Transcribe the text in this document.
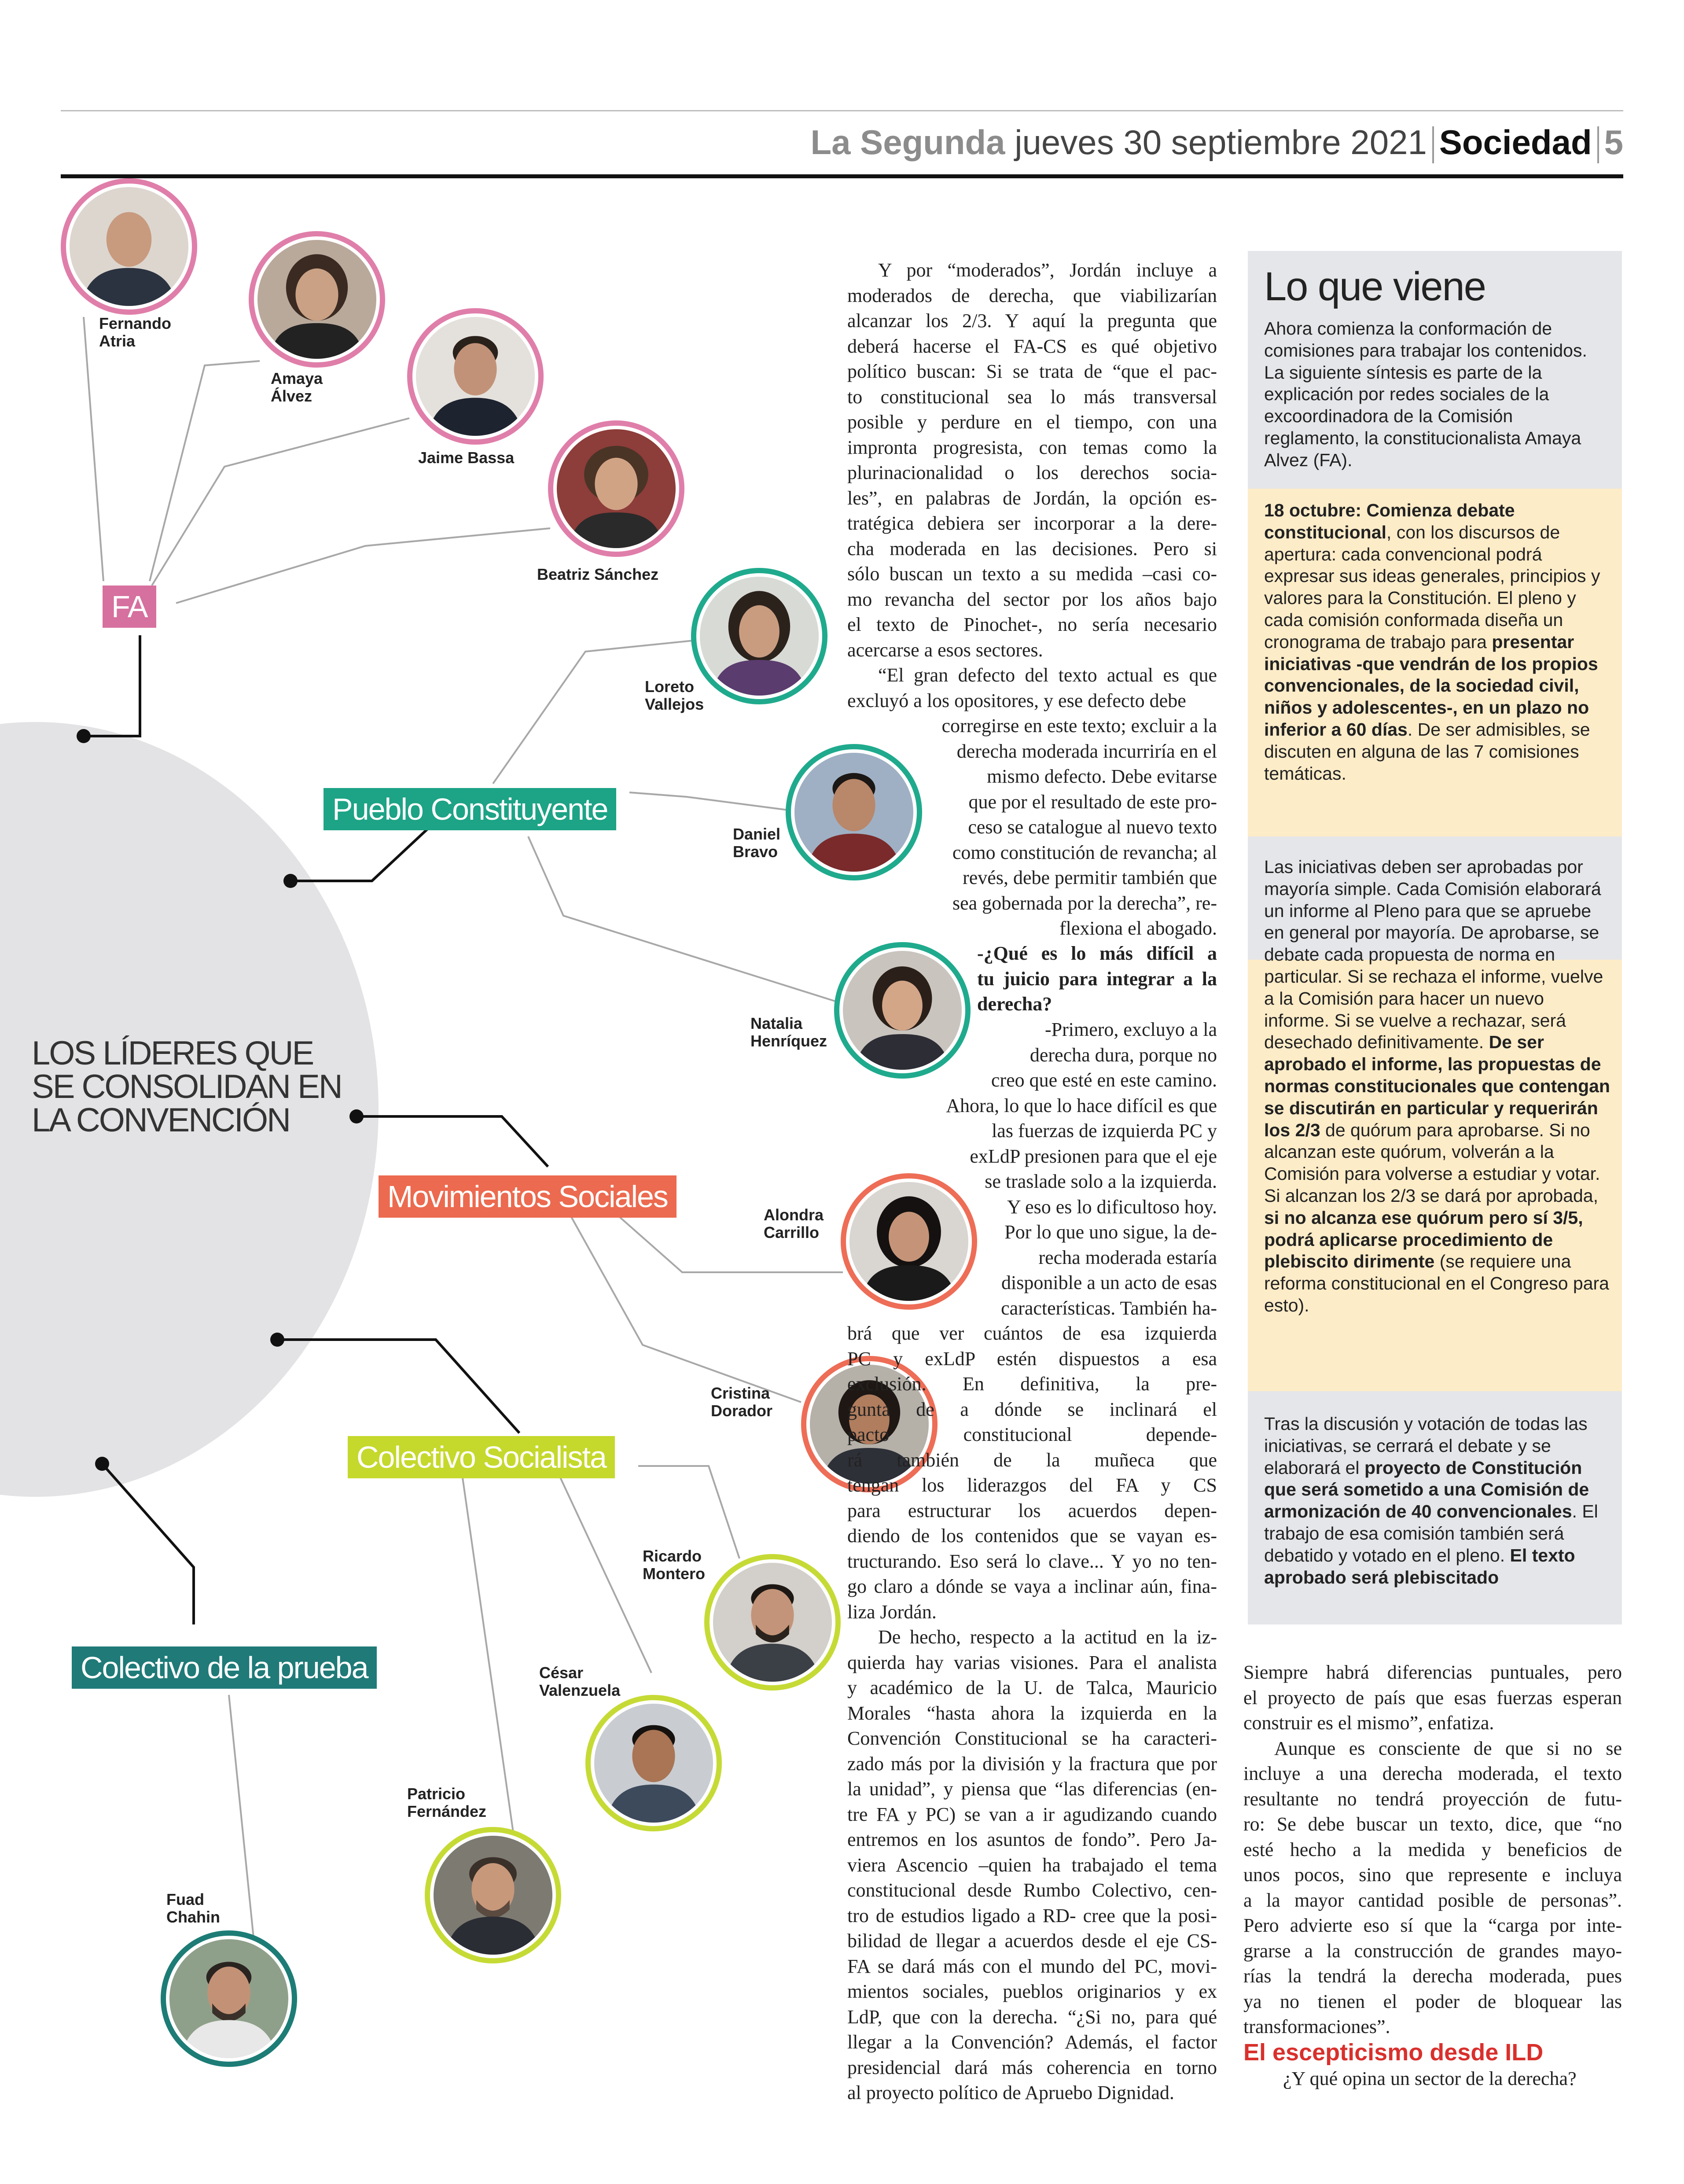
La Segunda jueves 30 septiembre 2021 Sociedad 5
LOS LÍDERES QUE
SE CONSOLIDAN EN
LA CONVENCIÓN
FA
Pueblo Constituyente
Movimientos Sociales
Colectivo Socialista
Colectivo de la prueba
Fernando
Atria
Amaya
Álvez
Jaime Bassa
Beatriz Sánchez
Loreto
Vallejos
Daniel
Bravo
Natalia
Henríquez
Alondra
Carrillo
Cristina
Dorador
Ricardo
Montero
César
Valenzuela
Patricio
Fernández
Fuad
Chahin
Y por “moderados”, Jordán incluye a
moderados de derecha, que viabilizarían
alcanzar los 2/3. Y aquí la pregunta que
deberá hacerse el FA-CS es qué objetivo
político buscan: Si se trata de “que el pac-
to constitucional sea lo más transversal
posible y perdure en el tiempo, con una
impronta progresista, con temas como la
plurinacionalidad o los derechos socia-
les”, en palabras de Jordán, la opción es-
tratégica debiera ser incorporar a la dere-
cha moderada en las decisiones. Pero si
sólo buscan un texto a su medida –casi co-
mo revancha del sector por los años bajo
el texto de Pinochet-, no sería necesario
acercarse a esos sectores.
“El gran defecto del texto actual es que
excluyó a los opositores, y ese defecto debe
corregirse en este texto; excluir a la
derecha moderada incurriría en el
mismo defecto. Debe evitarse
que por el resultado de este pro-
ceso se catalogue al nuevo texto
como constitución de revancha; al
revés, debe permitir también que
sea gobernada por la derecha”, re-
flexiona el abogado.
-¿Qué es lo más difícil a
tu juicio para integrar a la
derecha?
-Primero, excluyo a la
derecha dura, porque no
creo que esté en este camino.
Ahora, lo que lo hace difícil es que
las fuerzas de izquierda PC y
exLdP presionen para que el eje
se traslade solo a la izquierda.
Y eso es lo dificultoso hoy.
Por lo que uno sigue, la de-
recha moderada estaría
disponible a un acto de esas
características. También ha-
brá que ver cuántos de esa izquierda
PC y exLdP estén dispuestos a esa
exclusión. En definitiva, la pre-
gunta de a dónde se inclinará el
pacto constitucional depende-
rá también de la muñeca que
tengan los liderazgos del FA y CS
para estructurar los acuerdos depen-
diendo de los contenidos que se vayan es-
tructurando. Eso será lo clave... Y yo no ten-
go claro a dónde se vaya a inclinar aún, fina-
liza Jordán.
De hecho, respecto a la actitud en la iz-
quierda hay varias visiones. Para el analista
y académico de la U. de Talca, Mauricio
Morales “hasta ahora la izquierda en la
Convención Constitucional se ha caracteri-
zado más por la división y la fractura que por
la unidad”, y piensa que “las diferencias (en-
tre FA y PC) se van a ir agudizando cuando
entremos en los asuntos de fondo”. Pero Ja-
viera Ascencio –quien ha trabajado el tema
constitucional desde Rumbo Colectivo, cen-
tro de estudios ligado a RD- cree que la posi-
bilidad de llegar a acuerdos desde el eje CS-
FA se dará más con el mundo del PC, movi-
mientos sociales, pueblos originarios y ex
LdP, que con la derecha. “¿Si no, para qué
llegar a la Convención? Además, el factor
presidencial dará más coherencia en torno
al proyecto político de Apruebo Dignidad.
Siempre habrá diferencias puntuales, pero
el proyecto de país que esas fuerzas esperan
construir es el mismo”, enfatiza.
Aunque es consciente de que si no se
incluye a una derecha moderada, el texto
resultante no tendrá proyección de futu-
ro: Se debe buscar un texto, dice, que “no
esté hecho a la medida y beneficios de
unos pocos, sino que represente e incluya
a la mayor cantidad posible de personas”.
Pero advierte eso sí que la “carga por inte-
grarse a la construcción de grandes mayo-
rías la tendrá la derecha moderada, pues
ya no tienen el poder de bloquear las
transformaciones”.
El escepticismo desde ILD
¿Y qué opina un sector de la derecha?
Lo que viene
Ahora comienza la conformación de comisiones para trabajar los contenidos. La siguiente síntesis es parte de la explicación por redes sociales de la excoordinadora de la Comisión reglamento, la constitucionalista Amaya Alvez (FA).
18 octubre: Comienza debate constitucional, con los discursos de apertura: cada convencional podrá expresar sus ideas generales, principios y valores para la Constitución. El pleno y cada comisión conformada diseña un cronograma de trabajo para presentar iniciativas -que vendrán de los propios convencionales, de la sociedad civil, niños y adolescentes-, en un plazo no inferior a 60 días. De ser admisibles, se discuten en alguna de las 7 comisiones temáticas.
Las iniciativas deben ser aprobadas por mayoría simple. Cada Comisión elaborará un informe al Pleno para que se apruebe en general por mayoría. De aprobarse, se debate cada propuesta de norma en particular. Si se rechaza el informe, vuelve a la Comisión para hacer un nuevo informe. Si se vuelve a rechazar, será desechado definitivamente. De ser aprobado el informe, las propuestas de normas constitucionales que contengan se discutirán en particular y requerirán los 2/3 de quórum para aprobarse. Si no alcanzan este quórum, volverán a la Comisión para volverse a estudiar y votar. Si alcanzan los 2/3 se dará por aprobada, si no alcanza ese quórum pero sí 3/5, podrá aplicarse procedimiento de plebiscito dirimente (se requiere una reforma constitucional en el Congreso para esto).
Tras la discusión y votación de todas las iniciativas, se cerrará el debate y se elaborará el proyecto de Constitución que será sometido a una Comisión de armonización de 40 convencionales. El trabajo de esa comisión también será debatido y votado en el pleno. El texto aprobado será plebiscitado
